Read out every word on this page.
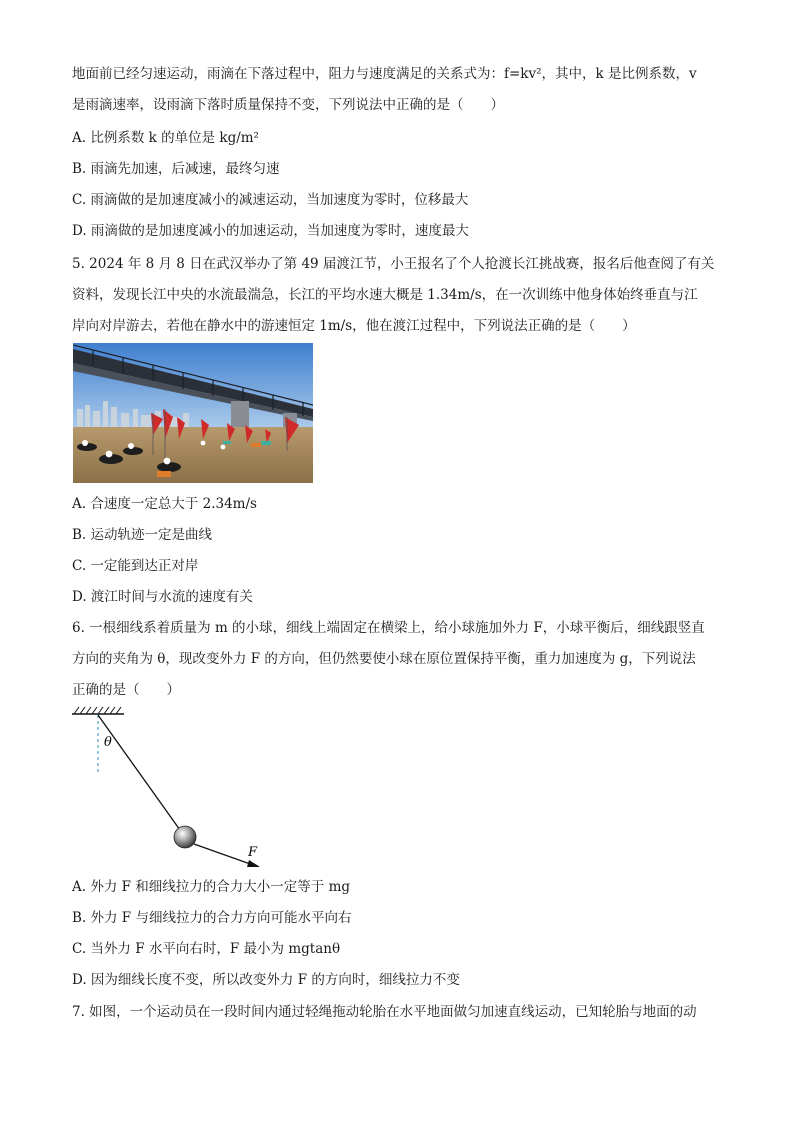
地面前已经匀速运动，雨滴在下落过程中，阻力与速度满足的关系式为：f=kv²，其中，k 是比例系数，v
是雨滴速率，设雨滴下落时质量保持不变，下列说法中正确的是（　　）
A. 比例系数 k 的单位是 kg/m²
B. 雨滴先加速，后减速，最终匀速
C. 雨滴做的是加速度减小的减速运动，当加速度为零时，位移最大
D. 雨滴做的是加速度减小的加速运动，当加速度为零时，速度最大
5. 2024 年 8 月 8 日在武汉举办了第 49 届渡江节，小王报名了个人抢渡长江挑战赛，报名后他查阅了有关
资料，发现长江中央的水流最湍急，长江的平均水速大概是 1.34m/s，在一次训练中他身体始终垂直与江
岸向对岸游去，若他在静水中的游速恒定 1m/s，他在渡江过程中，下列说法正确的是（　　）
A. 合速度一定总大于 2.34m/s
B. 运动轨迹一定是曲线
C. 一定能到达正对岸
D. 渡江时间与水流的速度有关
6. 一根细线系着质量为 m 的小球，细线上端固定在横梁上，给小球施加外力 F，小球平衡后，细线跟竖直
方向的夹角为 θ，现改变外力 F 的方向，但仍然要使小球在原位置保持平衡，重力加速度为 g，下列说法
正确的是（　　）
θ
F
A. 外力 F 和细线拉力的合力大小一定等于 mg
B. 外力 F 与细线拉力的合力方向可能水平向右
C. 当外力 F 水平向右时，F 最小为 mgtanθ
D. 因为细线长度不变，所以改变外力 F 的方向时，细线拉力不变
7. 如图，一个运动员在一段时间内通过轻绳拖动轮胎在水平地面做匀加速直线运动，已知轮胎与地面的动
